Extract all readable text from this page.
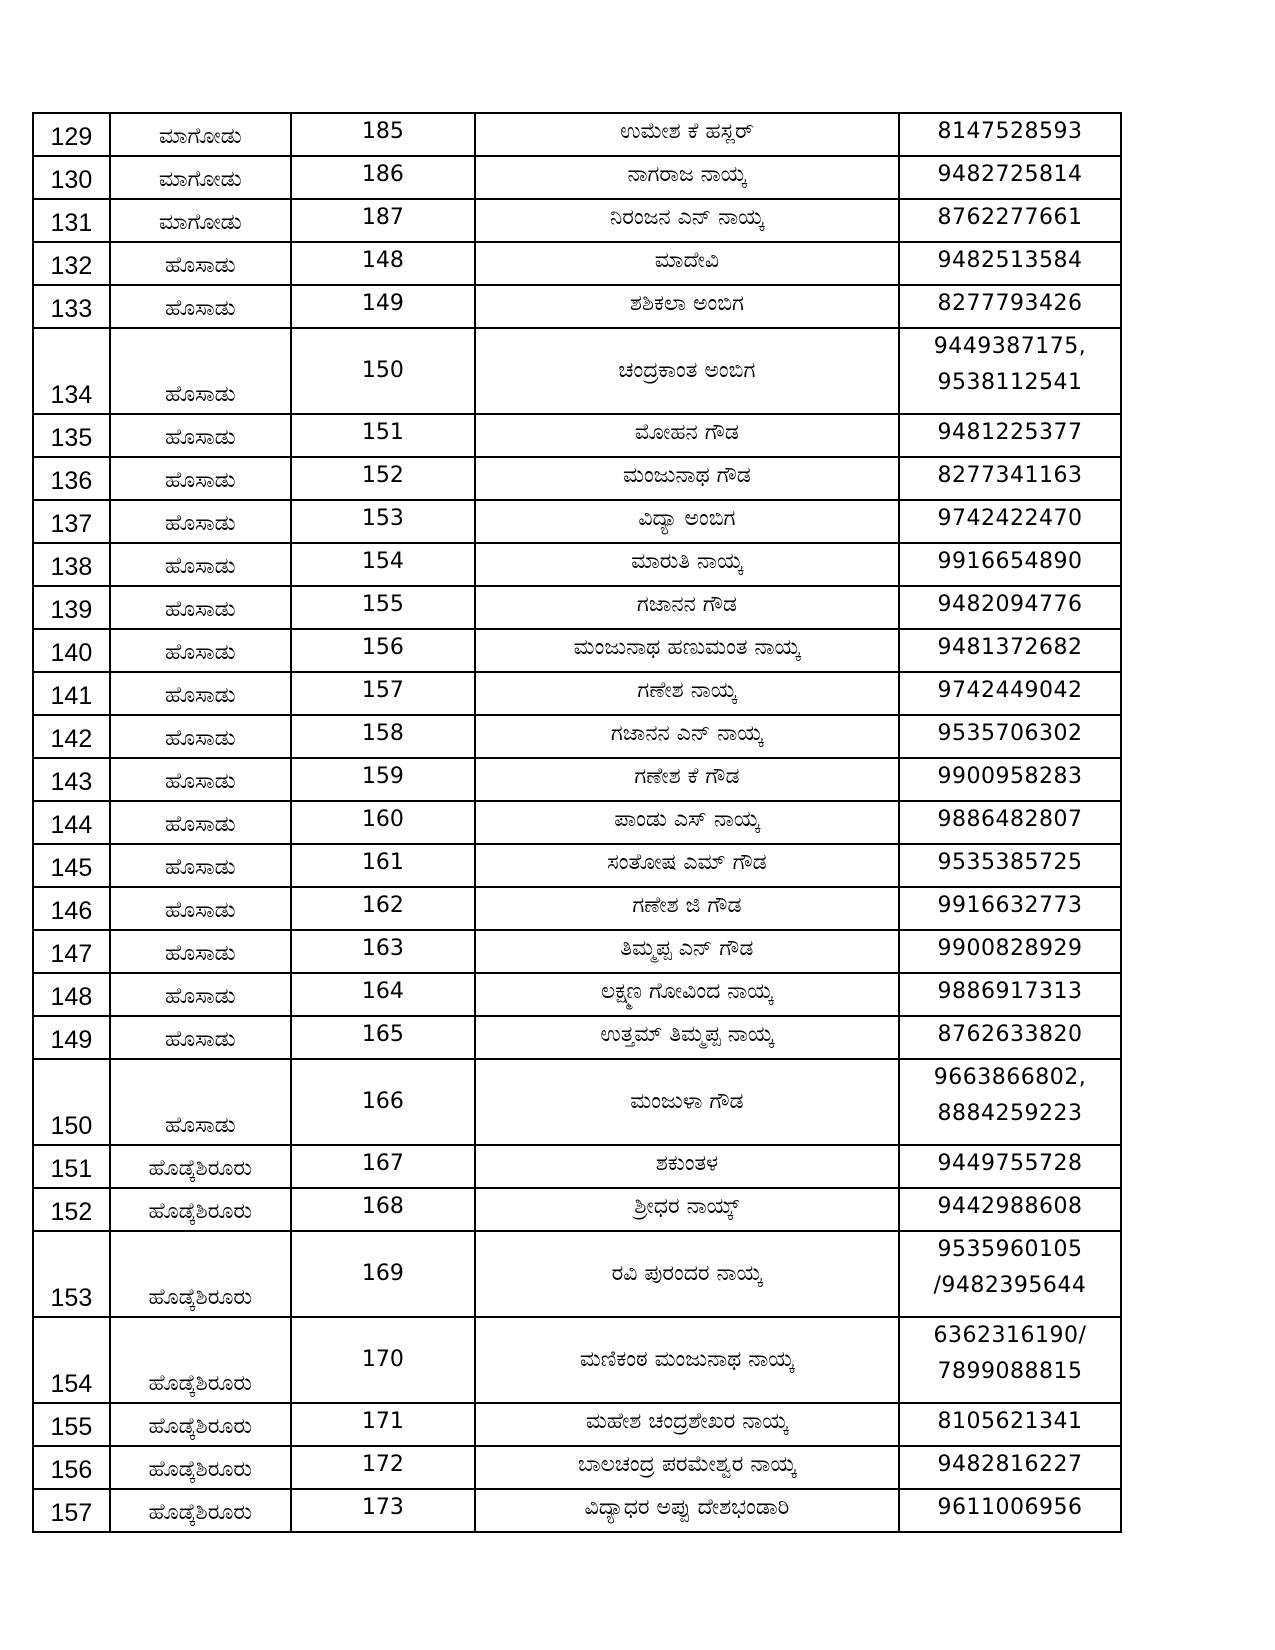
129	ಮಾಗೋಡು	185	ಉಮೇಶ ಕೆ ಹಸ್ಲರ್	8147528593

130	ಮಾಗೋಡು	186	ನಾಗರಾಜ ನಾಯ್ಕ	9482725814

131	ಮಾಗೋಡು	187	ನಿರಂಜನ ಎನ್ ನಾಯ್ಕ	8762277661

132	ಹೊಸಾಡು	148	ಮಾದೇವಿ	9482513584

133	ಹೊಸಾಡು	149	ಶಶಿಕಲಾ ಅಂಬಿಗ	8277793426

134	ಹೊಸಾಡು	150	ಚಂದ್ರಕಾಂತ ಅಂಬಿಗ	9449387175,
9538112541

135	ಹೊಸಾಡು	151	ಮೋಹನ ಗೌಡ	9481225377

136	ಹೊಸಾಡು	152	ಮಂಜುನಾಥ ಗೌಡ	8277341163

137	ಹೊಸಾಡು	153	ವಿದ್ಯಾ ಅಂಬಿಗ	9742422470

138	ಹೊಸಾಡು	154	ಮಾರುತಿ ನಾಯ್ಕ	9916654890

139	ಹೊಸಾಡು	155	ಗಜಾನನ ಗೌಡ	9482094776

140	ಹೊಸಾಡು	156	ಮಂಜುನಾಥ ಹಣುಮಂತ ನಾಯ್ಕ	9481372682

141	ಹೊಸಾಡು	157	ಗಣೇಶ ನಾಯ್ಕ	9742449042

142	ಹೊಸಾಡು	158	ಗಜಾನನ ಎನ್ ನಾಯ್ಕ	9535706302

143	ಹೊಸಾಡು	159	ಗಣೇಶ ಕೆ ಗೌಡ	9900958283

144	ಹೊಸಾಡು	160	ಪಾಂಡು ಎಸ್ ನಾಯ್ಕ	9886482807

145	ಹೊಸಾಡು	161	ಸಂತೋಷ ಎಮ್ ಗೌಡ	9535385725

146	ಹೊಸಾಡು	162	ಗಣೇಶ ಜಿ ಗೌಡ	9916632773

147	ಹೊಸಾಡು	163	ತಿಮ್ಮಪ್ಪ ಎನ್ ಗೌಡ	9900828929

148	ಹೊಸಾಡು	164	ಲಕ್ಷ್ಮಣ ಗೋವಿಂದ ನಾಯ್ಕ	9886917313

149	ಹೊಸಾಡು	165	ಉತ್ತಮ್ ತಿಮ್ಮಪ್ಪ ನಾಯ್ಕ	8762633820

150	ಹೊಸಾಡು	166	ಮಂಜುಳಾ ಗೌಡ	9663866802,
8884259223

151	ಹೊಡ್ಕೆಶಿರೂರು	167	ಶಕುಂತಳ	9449755728

152	ಹೊಡ್ಕೆಶಿರೂರು	168	ಶ್ರೀಧರ ನಾಯ್ಕ್	9442988608

153	ಹೊಡ್ಕೆಶಿರೂರು	169	ರವಿ ಪುರಂದರ ನಾಯ್ಕ	9535960105
/9482395644

154	ಹೊಡ್ಕೆಶಿರೂರು	170	ಮಣಿಕಂಠ ಮಂಜುನಾಥ ನಾಯ್ಕ	6362316190/
7899088815

155	ಹೊಡ್ಕೆಶಿರೂರು	171	ಮಹೇಶ ಚಂದ್ರಶೇಖರ ನಾಯ್ಕ	8105621341

156	ಹೊಡ್ಕೆಶಿರೂರು	172	ಬಾಲಚಂದ್ರ ಪರಮೇಶ್ವರ ನಾಯ್ಕ	9482816227

157	ಹೊಡ್ಕೆಶಿರೂರು	173	ವಿದ್ಯಾಧರ ಅಪ್ಪು ದೇಶಭಂಡಾರಿ	9611006956
